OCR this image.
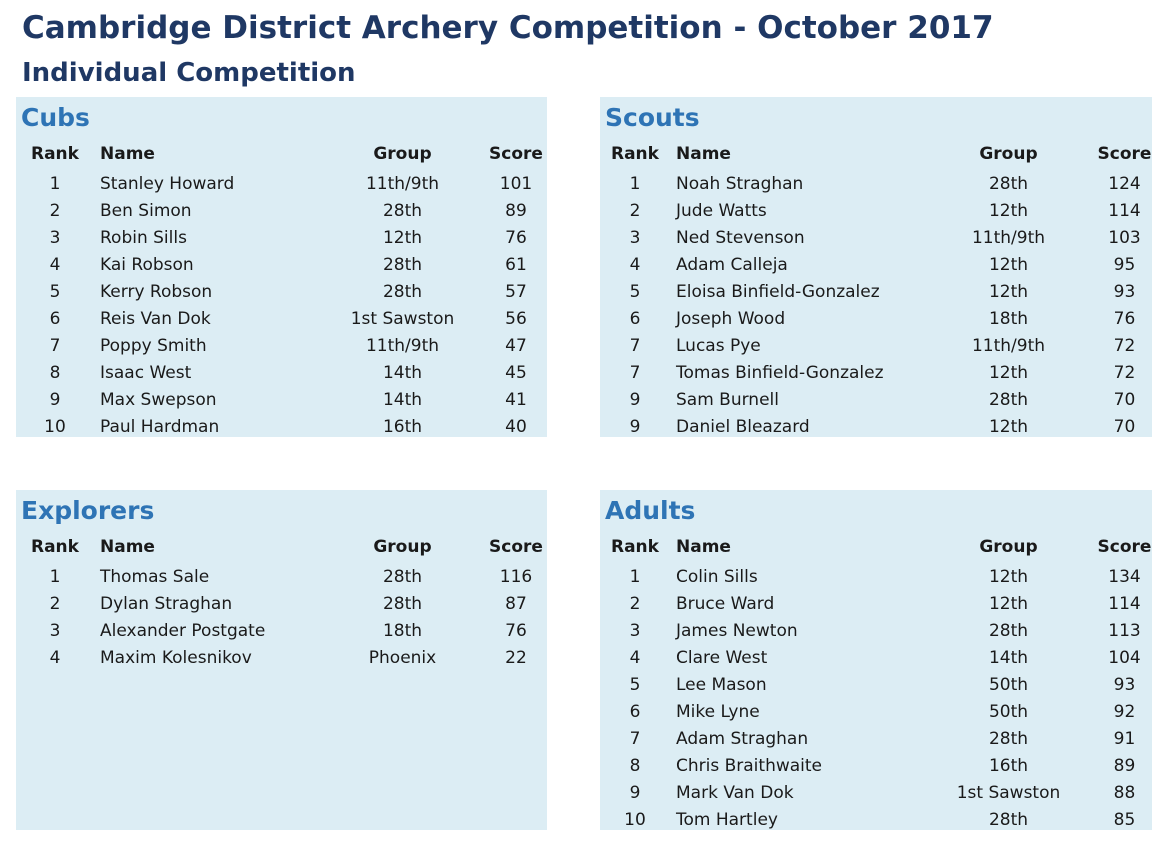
Cambridge District Archery Competition - October 2017
Individual Competition
Cubs
Rank	Name	Group	Score
1	Stanley Howard	11th/9th	101
2	Ben Simon	28th	89
3	Robin Sills	12th	76
4	Kai Robson	28th	61
5	Kerry Robson	28th	57
6	Reis Van Dok	1st Sawston	56
7	Poppy Smith	11th/9th	47
8	Isaac West	14th	45
9	Max Swepson	14th	41
10	Paul Hardman	16th	40
Scouts
Rank	Name	Group	Score
1	Noah Straghan	28th	124
2	Jude Watts	12th	114
3	Ned Stevenson	11th/9th	103
4	Adam Calleja	12th	95
5	Eloisa Binfield-Gonzalez	12th	93
6	Joseph Wood	18th	76
7	Lucas Pye	11th/9th	72
7	Tomas Binfield-Gonzalez	12th	72
9	Sam Burnell	28th	70
9	Daniel Bleazard	12th	70
Explorers
Rank	Name	Group	Score
1	Thomas Sale	28th	116
2	Dylan Straghan	28th	87
3	Alexander Postgate	18th	76
4	Maxim Kolesnikov	Phoenix	22
Adults
Rank	Name	Group	Score
1	Colin Sills	12th	134
2	Bruce Ward	12th	114
3	James Newton	28th	113
4	Clare West	14th	104
5	Lee Mason	50th	93
6	Mike Lyne	50th	92
7	Adam Straghan	28th	91
8	Chris Braithwaite	16th	89
9	Mark Van Dok	1st Sawston	88
10	Tom Hartley	28th	85
